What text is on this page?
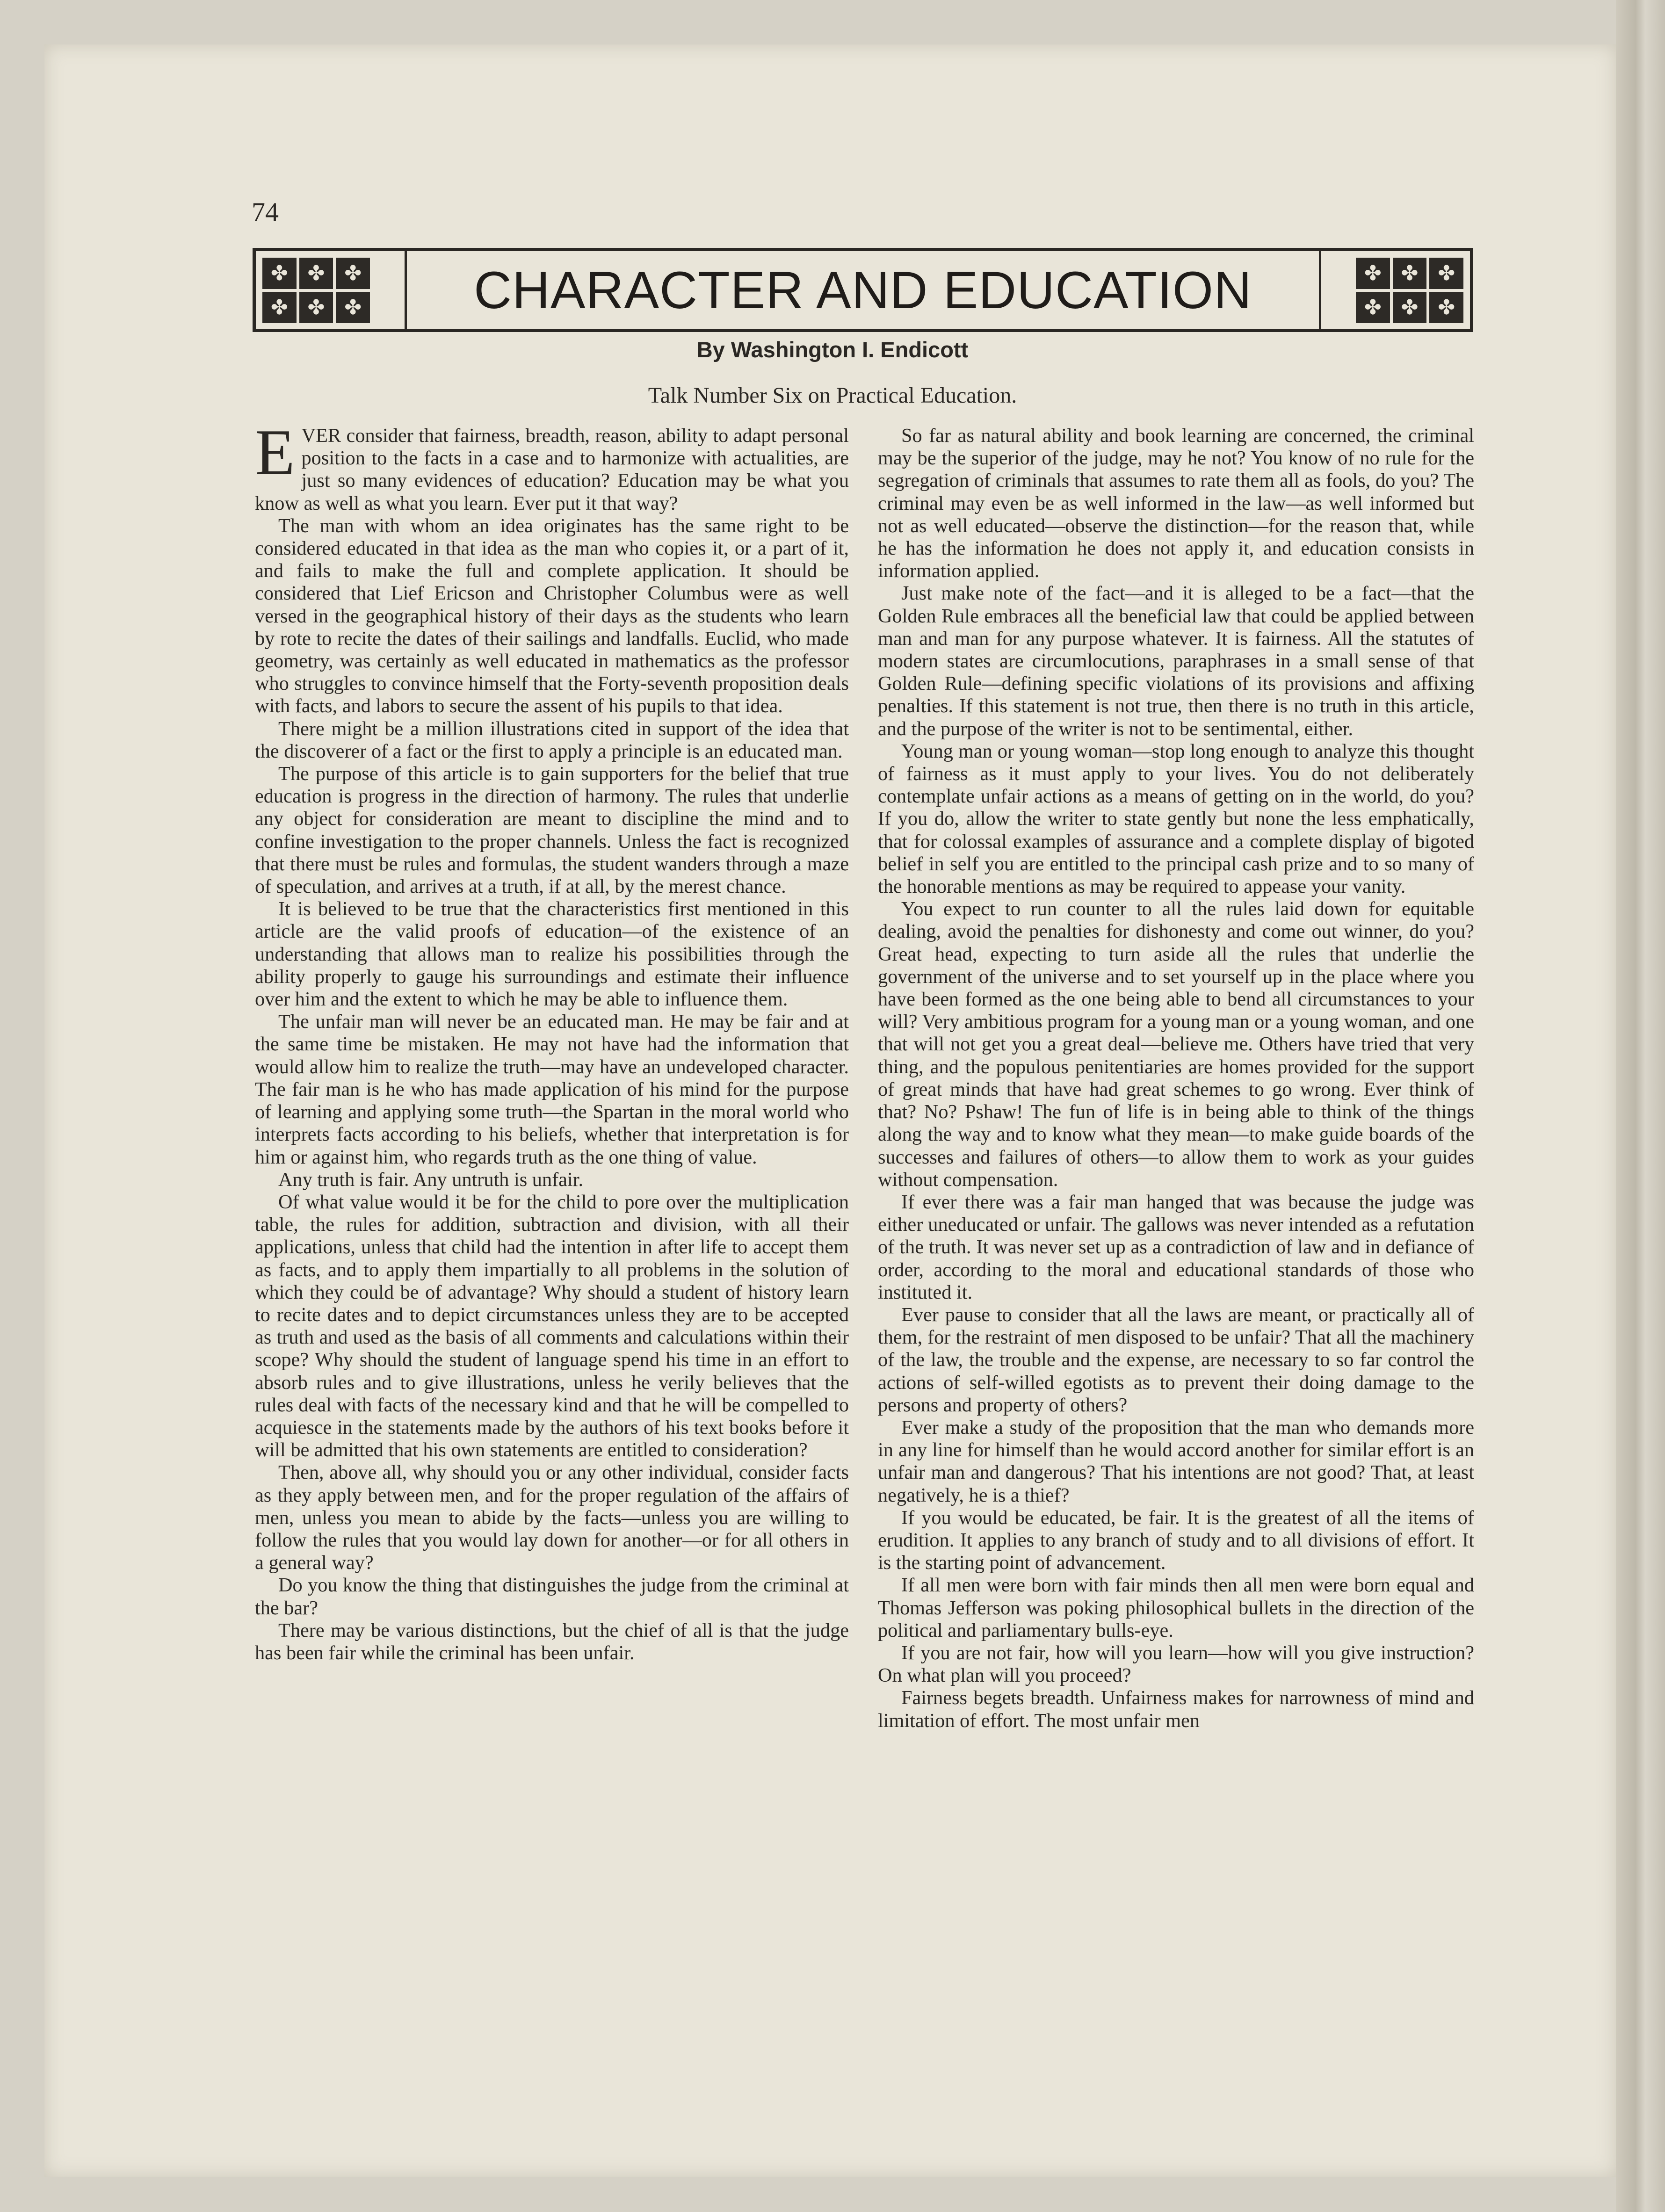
74
✤ ✤ ✤
✤ ✤ ✤	CHARACTER AND EDUCATION	✤ ✤ ✤
✤ ✤ ✤

By Washington I. Endicott

Talk Number Six on Practical Education.

EVER consider that fairness, breadth, reason, ability to adapt personal position to the facts in a case and to harmonize with actualities, are just so many evidences of education? Education may be what you know as well as what you learn. Ever put it that way?

The man with whom an idea originates has the same right to be considered educated in that idea as the man who copies it, or a part of it, and fails to make the full and complete application. It should be considered that Lief Ericson and Christopher Columbus were as well versed in the geographical history of their days as the students who learn by rote to recite the dates of their sailings and landfalls. Euclid, who made geometry, was certainly as well educated in mathematics as the professor who struggles to convince himself that the Forty-seventh proposition deals with facts, and labors to secure the assent of his pupils to that idea.

There might be a million illustrations cited in support of the idea that the discoverer of a fact or the first to apply a principle is an educated man.

The purpose of this article is to gain supporters for the belief that true education is progress in the direction of harmony. The rules that underlie any object for consideration are meant to discipline the mind and to confine investigation to the proper channels. Unless the fact is recognized that there must be rules and formulas, the student wanders through a maze of speculation, and arrives at a truth, if at all, by the merest chance.

It is believed to be true that the characteristics first mentioned in this article are the valid proofs of education—of the existence of an understanding that allows man to realize his possibilities through the ability properly to gauge his surroundings and estimate their influence over him and the extent to which he may be able to influence them.

The unfair man will never be an educated man. He may be fair and at the same time be mistaken. He may not have had the information that would allow him to realize the truth—may have an undeveloped character. The fair man is he who has made application of his mind for the purpose of learning and applying some truth—the Spartan in the moral world who interprets facts according to his beliefs, whether that interpretation is for him or against him, who regards truth as the one thing of value.

Any truth is fair. Any untruth is unfair.

Of what value would it be for the child to pore over the multiplication table, the rules for addition, subtraction and division, with all their applications, unless that child had the intention in after life to accept them as facts, and to apply them impartially to all problems in the solution of which they could be of advantage? Why should a student of history learn to recite dates and to depict circumstances unless they are to be accepted as truth and used as the basis of all comments and calculations within their scope? Why should the student of language spend his time in an effort to absorb rules and to give illustrations, unless he verily believes that the rules deal with facts of the necessary kind and that he will be compelled to acquiesce in the statements made by the authors of his text books before it will be admitted that his own statements are entitled to consideration?

Then, above all, why should you or any other individual, consider facts as they apply between men, and for the proper regulation of the affairs of men, unless you mean to abide by the facts—unless you are willing to follow the rules that you would lay down for another—or for all others in a general way?

Do you know the thing that distinguishes the judge from the criminal at the bar?

There may be various distinctions, but the chief of all is that the judge has been fair while the criminal has been unfair.

So far as natural ability and book learning are concerned, the criminal may be the superior of the judge, may he not? You know of no rule for the segregation of criminals that assumes to rate them all as fools, do you? The criminal may even be as well informed in the law—as well informed but not as well educated—observe the distinction—for the reason that, while he has the information he does not apply it, and education consists in information applied.

Just make note of the fact—and it is alleged to be a fact—that the Golden Rule embraces all the beneficial law that could be applied between man and man for any purpose whatever. It is fairness. All the statutes of modern states are circumlocutions, paraphrases in a small sense of that Golden Rule—defining specific violations of its provisions and affixing penalties. If this statement is not true, then there is no truth in this article, and the purpose of the writer is not to be sentimental, either.

Young man or young woman—stop long enough to analyze this thought of fairness as it must apply to your lives. You do not deliberately contemplate unfair actions as a means of getting on in the world, do you? If you do, allow the writer to state gently but none the less emphatically, that for colossal examples of assurance and a complete display of bigoted belief in self you are entitled to the principal cash prize and to so many of the honorable mentions as may be required to appease your vanity.

You expect to run counter to all the rules laid down for equitable dealing, avoid the penalties for dishonesty and come out winner, do you? Great head, expecting to turn aside all the rules that underlie the government of the universe and to set yourself up in the place where you have been formed as the one being able to bend all circumstances to your will? Very ambitious program for a young man or a young woman, and one that will not get you a great deal—believe me. Others have tried that very thing, and the populous penitentiaries are homes provided for the support of great minds that have had great schemes to go wrong. Ever think of that? No? Pshaw! The fun of life is in being able to think of the things along the way and to know what they mean—to make guide boards of the successes and failures of others—to allow them to work as your guides without compensation.

If ever there was a fair man hanged that was because the judge was either uneducated or unfair. The gallows was never intended as a refutation of the truth. It was never set up as a contradiction of law and in defiance of order, according to the moral and educational standards of those who instituted it.

Ever pause to consider that all the laws are meant, or practically all of them, for the restraint of men disposed to be unfair? That all the machinery of the law, the trouble and the expense, are necessary to so far control the actions of self-willed egotists as to prevent their doing damage to the persons and property of others?

Ever make a study of the proposition that the man who demands more in any line for himself than he would accord another for similar effort is an unfair man and dangerous? That his intentions are not good? That, at least negatively, he is a thief?

If you would be educated, be fair. It is the greatest of all the items of erudition. It applies to any branch of study and to all divisions of effort. It is the starting point of advancement.

If all men were born with fair minds then all men were born equal and Thomas Jefferson was poking philosophical bullets in the direction of the political and parliamentary bulls-eye.

If you are not fair, how will you learn—how will you give instruction? On what plan will you proceed?

Fairness begets breadth. Unfairness makes for narrowness of mind and limitation of effort. The most unfair men
